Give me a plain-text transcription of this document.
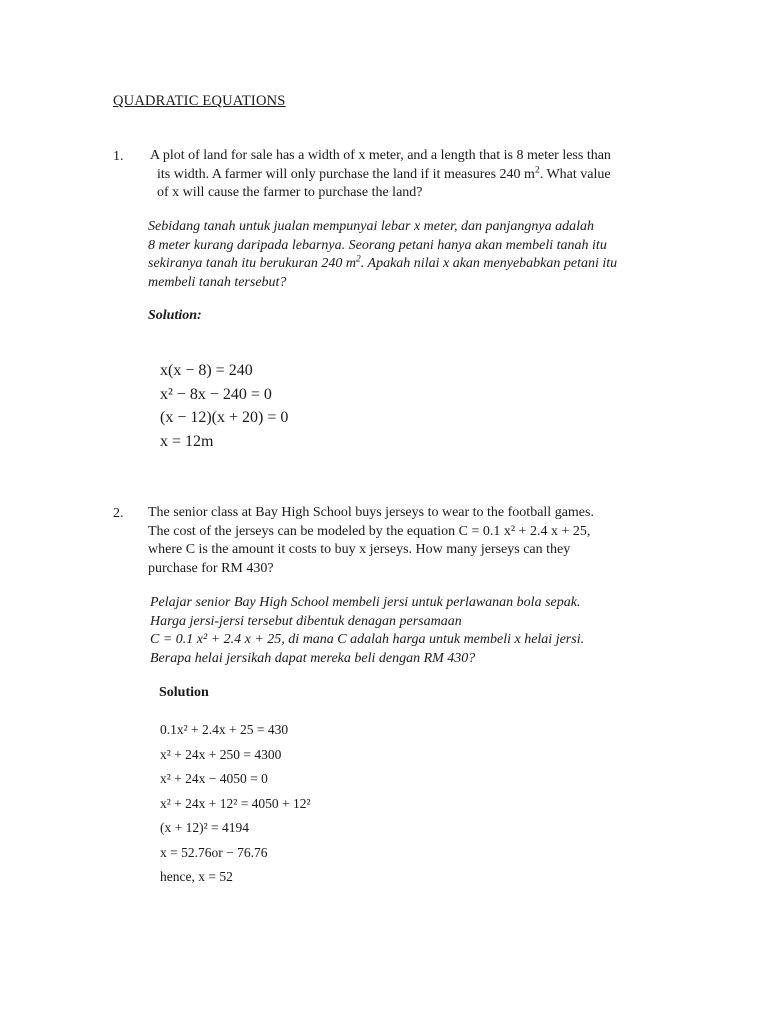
QUADRATIC EQUATIONS
1. A plot of land for sale has a width of x meter, and a length that is 8 meter less than
its width. A farmer will only purchase the land if it measures 240 $m^2$. What value
of x will cause the farmer to purchase the land?
Sebidang tanah untuk jualan mempunyai lebar x meter, dan panjangnya adalah
8 meter kurang daripada lebarnya. Seorang petani hanya akan membeli tanah itu
sekiranya tanah itu berukuran 240 $m^2$. Apakah nilai x akan menyebabkan petani itu
membeli tanah tersebut?
Solution:
x(x − 8) = 240
x² − 8x − 240 = 0
(x − 12)(x + 20) = 0
x = 12m
2. The senior class at Bay High School buys jerseys to wear to the football games.
The cost of the jerseys can be modeled by the equation C = 0.1 x² + 2.4 x + 25,
where C is the amount it costs to buy x jerseys. How many jerseys can they
purchase for RM 430?
Pelajar senior Bay High School membeli jersi untuk perlawanan bola sepak.
Harga jersi-jersi tersebut dibentuk denagan persamaan
C = 0.1 x² + 2.4 x + 25, di mana C adalah harga untuk membeli x helai jersi.
Berapa helai jersikah dapat mereka beli dengan RM 430?
Solution
0.1x² + 2.4x + 25 = 430
x² + 24x + 250 = 4300
x² + 24x − 4050 = 0
x² + 24x + 12² = 4050 + 12²
(x + 12)² = 4194
x = 52.76or − 76.76
hence, x = 52
